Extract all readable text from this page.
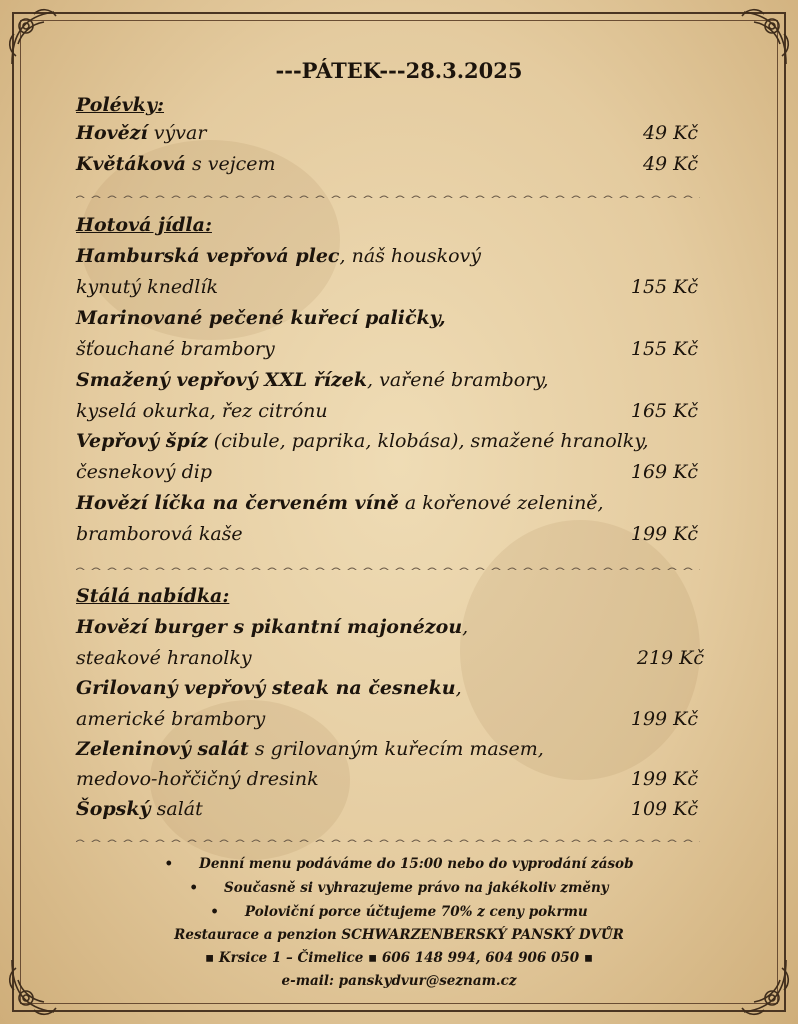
---PÁTEK---28.3.2025
Polévky:
Hovězí vývar	49 Kč
Květáková s vejcem	49 Kč
Hotová jídla:
Hamburská vepřová plec, náš houskový
kynutý knedlík	155 Kč
Marinované pečené kuřecí paličky,
šťouchané brambory	155 Kč
Smažený vepřový XXL řízek, vařené brambory,
kyselá okurka, řez citrónu	165 Kč
Vepřový špíz (cibule, paprika, klobása), smažené hranolky,
česnekový dip	169 Kč
Hovězí líčka na červeném víně a kořenové zelenině,
bramborová kaše	199 Kč
Stálá nabídka:
Hovězí burger s pikantní majonézou,
steakové hranolky	219 Kč
Grilovaný vepřový steak na česneku,
americké brambory	199 Kč
Zeleninový salát s grilovaným kuřecím masem,
medovo-hořčičný dresink	199 Kč
Šopský salát	109 Kč
• Denní menu podáváme do 15:00 nebo do vyprodání zásob
• Současně si vyhrazujeme právo na jakékoliv změny
• Poloviční porce účtujeme 70% z ceny pokrmu
Restaurace a penzion SCHWARZENBERSKÝ PANSKÝ DVŮR
▪ Krsice 1 – Čimelice ▪ 606 148 994, 604 906 050 ▪
e-mail: panskydvur@seznam.cz
